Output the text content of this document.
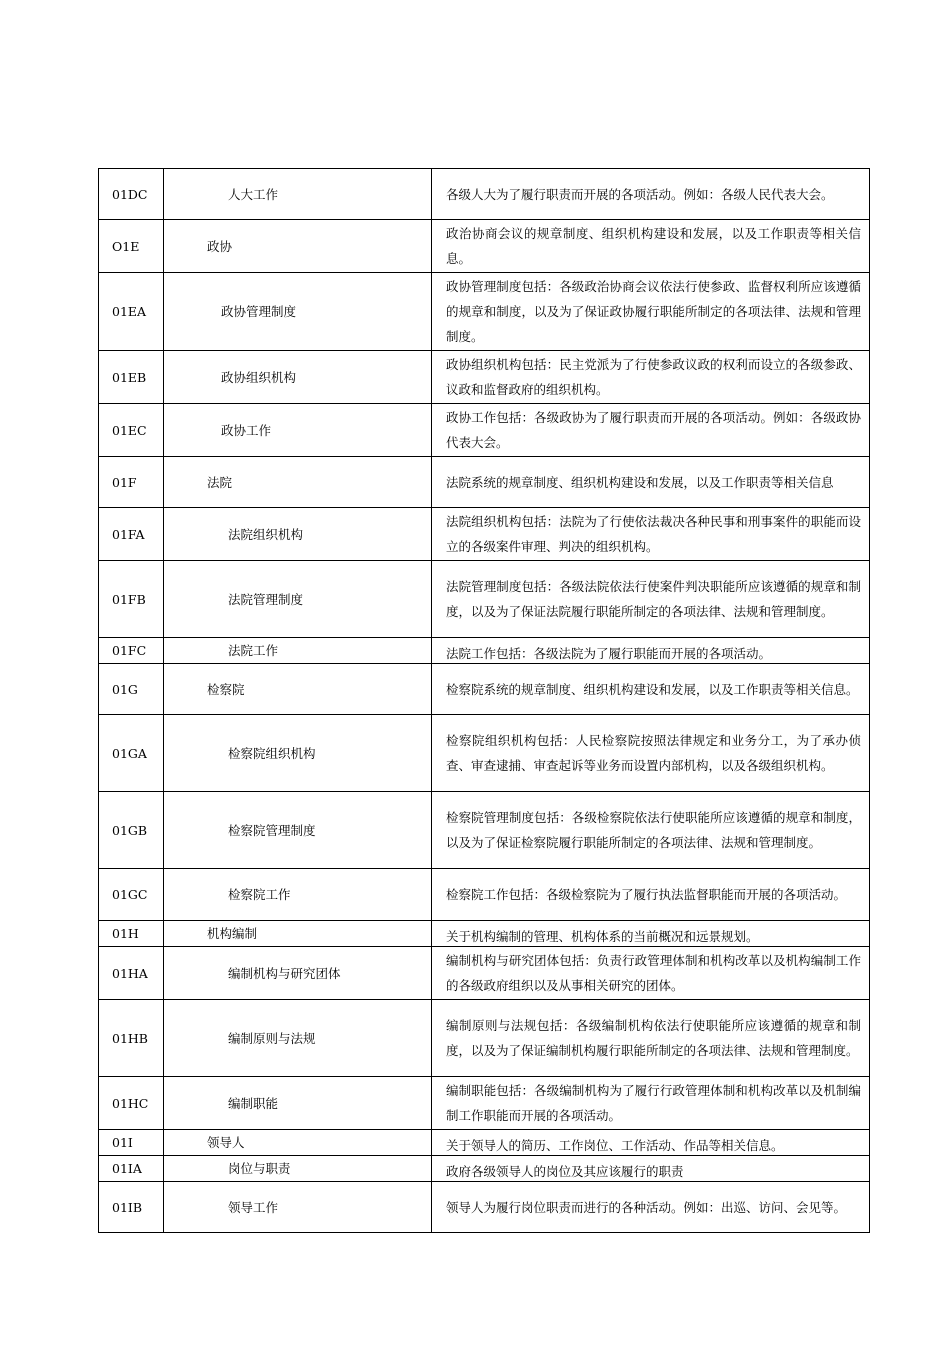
01DC	人大工作	各级人大为了履行职责而开展的各项活动。例如：各级人民代表大会。
O1E	政协	政治协商会议的规章制度、组织机构建设和发展，以及工作职责等相关信息。
01EA	政协管理制度	政协管理制度包括：各级政治协商会议依法行使参政、监督权利所应该遵循的规章和制度，以及为了保证政协履行职能所制定的各项法律、法规和管理制度。
01EB	政协组织机构	政协组织机构包括：民主党派为了行使参政议政的权利而设立的各级参政、议政和监督政府的组织机构。
01EC	政协工作	政协工作包括：各级政协为了履行职责而开展的各项活动。例如：各级政协代表大会。
01F	法院	法院系统的规章制度、组织机构建设和发展，以及工作职责等相关信息
01FA	法院组织机构	法院组织机构包括：法院为了行使依法裁决各种民事和刑事案件的职能而设立的各级案件审理、判决的组织机构。
01FB	法院管理制度	法院管理制度包括：各级法院依法行使案件判决职能所应该遵循的规章和制度，以及为了保证法院履行职能所制定的各项法律、法规和管理制度。
01FC	法院工作	法院工作包括：各级法院为了履行职能而开展的各项活动。
01G	检察院	检察院系统的规章制度、组织机构建设和发展，以及工作职责等相关信息。
01GA	检察院组织机构	检察院组织机构包括：人民检察院按照法律规定和业务分工，为了承办侦查、审查逮捕、审查起诉等业务而设置内部机构，以及各级组织机构。
01GB	检察院管理制度	检察院管理制度包括：各级检察院依法行使职能所应该遵循的规章和制度，以及为了保证检察院履行职能所制定的各项法律、法规和管理制度。
01GC	检察院工作	检察院工作包括：各级检察院为了履行执法监督职能而开展的各项活动。
01H	机构编制	关于机构编制的管理、机构体系的当前概况和远景规划。
01HA	编制机构与研究团体	编制机构与研究团体包括：负责行政管理体制和机构改革以及机构编制工作的各级政府组织以及从事相关研究的团体。
01HB	编制原则与法规	编制原则与法规包括：各级编制机构依法行使职能所应该遵循的规章和制度，以及为了保证编制机构履行职能所制定的各项法律、法规和管理制度。
01HC	编制职能	编制职能包括：各级编制机构为了履行行政管理体制和机构改革以及机制编制工作职能而开展的各项活动。
01I	领导人	关于领导人的简历、工作岗位、工作活动、作品等相关信息。
01IA	岗位与职责	政府各级领导人的岗位及其应该履行的职责
01IB	领导工作	领导人为履行岗位职责而进行的各种活动。例如：出巡、访问、会见等。
